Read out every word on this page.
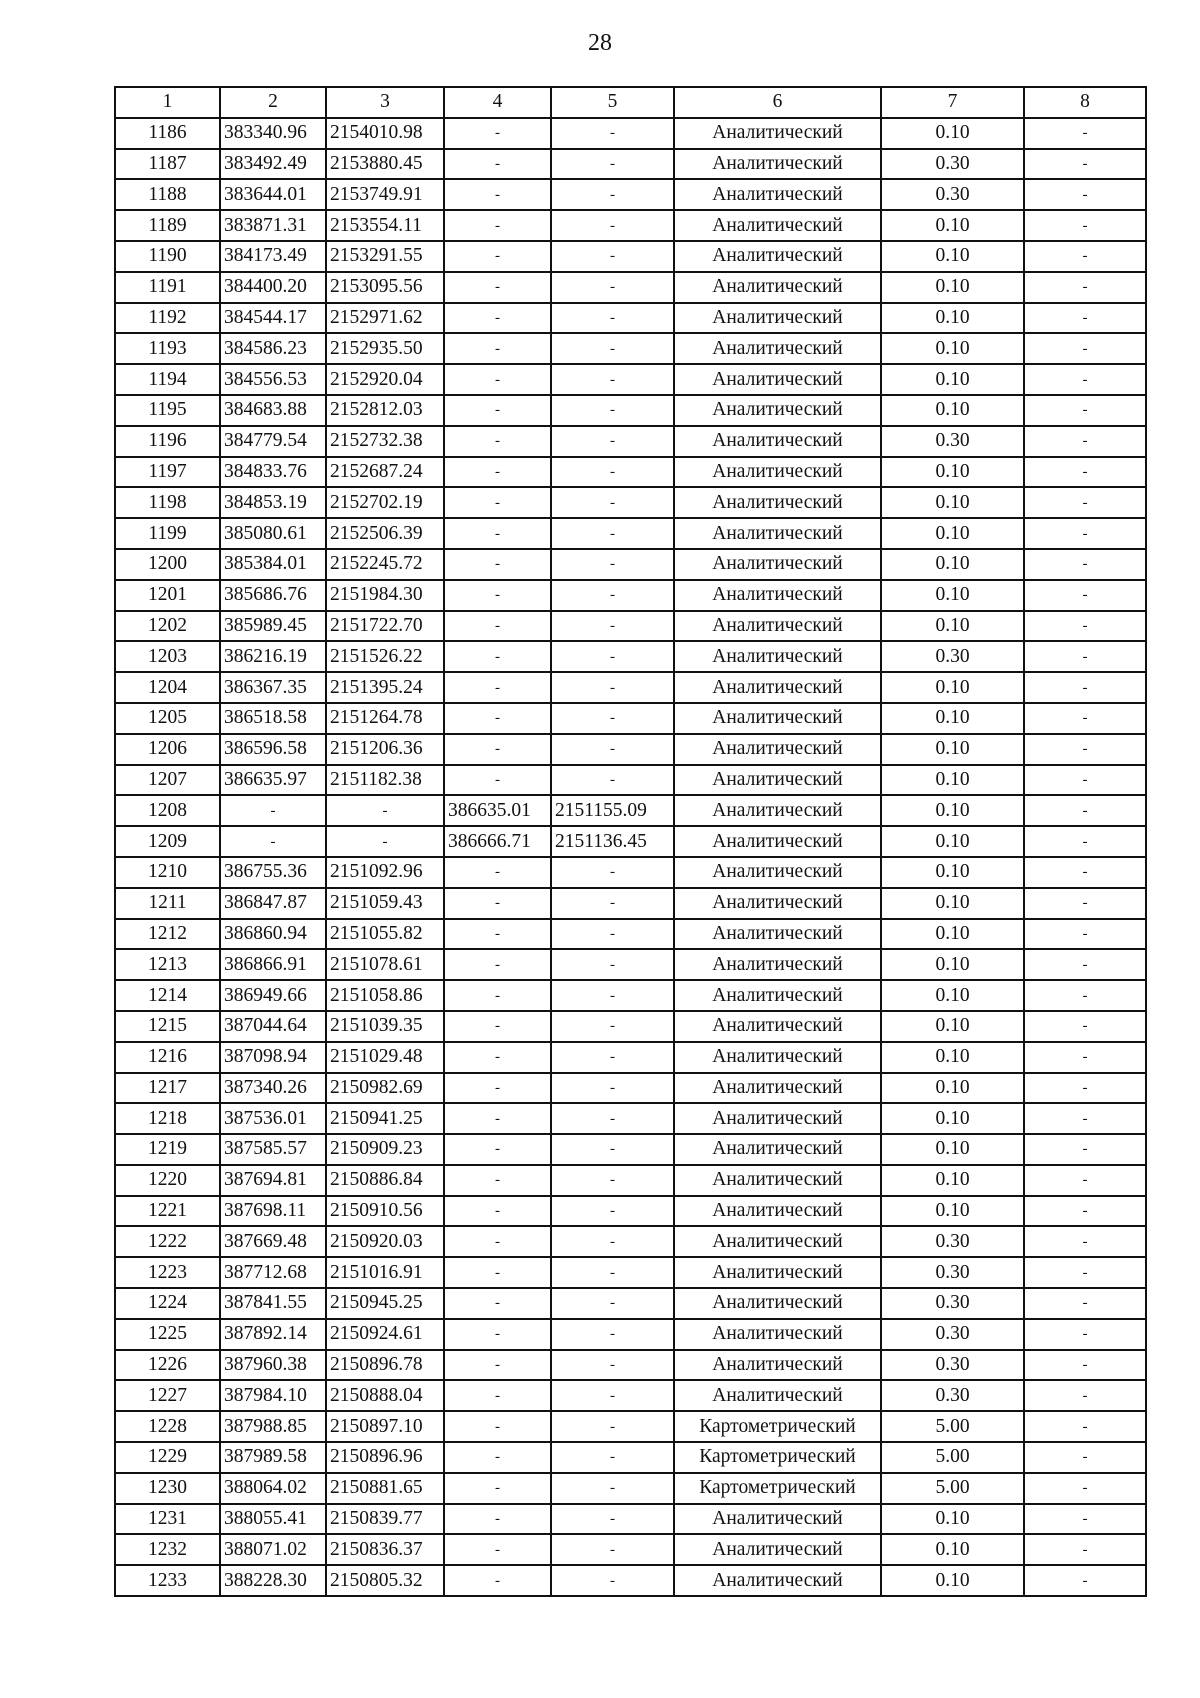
28
1	2	3	4	5	6	7	8
1186	383340.96	2154010.98	-	-	Аналитический	0.10	-
1187	383492.49	2153880.45	-	-	Аналитический	0.30	-
1188	383644.01	2153749.91	-	-	Аналитический	0.30	-
1189	383871.31	2153554.11	-	-	Аналитический	0.10	-
1190	384173.49	2153291.55	-	-	Аналитический	0.10	-
1191	384400.20	2153095.56	-	-	Аналитический	0.10	-
1192	384544.17	2152971.62	-	-	Аналитический	0.10	-
1193	384586.23	2152935.50	-	-	Аналитический	0.10	-
1194	384556.53	2152920.04	-	-	Аналитический	0.10	-
1195	384683.88	2152812.03	-	-	Аналитический	0.10	-
1196	384779.54	2152732.38	-	-	Аналитический	0.30	-
1197	384833.76	2152687.24	-	-	Аналитический	0.10	-
1198	384853.19	2152702.19	-	-	Аналитический	0.10	-
1199	385080.61	2152506.39	-	-	Аналитический	0.10	-
1200	385384.01	2152245.72	-	-	Аналитический	0.10	-
1201	385686.76	2151984.30	-	-	Аналитический	0.10	-
1202	385989.45	2151722.70	-	-	Аналитический	0.10	-
1203	386216.19	2151526.22	-	-	Аналитический	0.30	-
1204	386367.35	2151395.24	-	-	Аналитический	0.10	-
1205	386518.58	2151264.78	-	-	Аналитический	0.10	-
1206	386596.58	2151206.36	-	-	Аналитический	0.10	-
1207	386635.97	2151182.38	-	-	Аналитический	0.10	-
1208	-	-	386635.01	2151155.09	Аналитический	0.10	-
1209	-	-	386666.71	2151136.45	Аналитический	0.10	-
1210	386755.36	2151092.96	-	-	Аналитический	0.10	-
1211	386847.87	2151059.43	-	-	Аналитический	0.10	-
1212	386860.94	2151055.82	-	-	Аналитический	0.10	-
1213	386866.91	2151078.61	-	-	Аналитический	0.10	-
1214	386949.66	2151058.86	-	-	Аналитический	0.10	-
1215	387044.64	2151039.35	-	-	Аналитический	0.10	-
1216	387098.94	2151029.48	-	-	Аналитический	0.10	-
1217	387340.26	2150982.69	-	-	Аналитический	0.10	-
1218	387536.01	2150941.25	-	-	Аналитический	0.10	-
1219	387585.57	2150909.23	-	-	Аналитический	0.10	-
1220	387694.81	2150886.84	-	-	Аналитический	0.10	-
1221	387698.11	2150910.56	-	-	Аналитический	0.10	-
1222	387669.48	2150920.03	-	-	Аналитический	0.30	-
1223	387712.68	2151016.91	-	-	Аналитический	0.30	-
1224	387841.55	2150945.25	-	-	Аналитический	0.30	-
1225	387892.14	2150924.61	-	-	Аналитический	0.30	-
1226	387960.38	2150896.78	-	-	Аналитический	0.30	-
1227	387984.10	2150888.04	-	-	Аналитический	0.30	-
1228	387988.85	2150897.10	-	-	Картометрический	5.00	-
1229	387989.58	2150896.96	-	-	Картометрический	5.00	-
1230	388064.02	2150881.65	-	-	Картометрический	5.00	-
1231	388055.41	2150839.77	-	-	Аналитический	0.10	-
1232	388071.02	2150836.37	-	-	Аналитический	0.10	-
1233	388228.30	2150805.32	-	-	Аналитический	0.10	-
